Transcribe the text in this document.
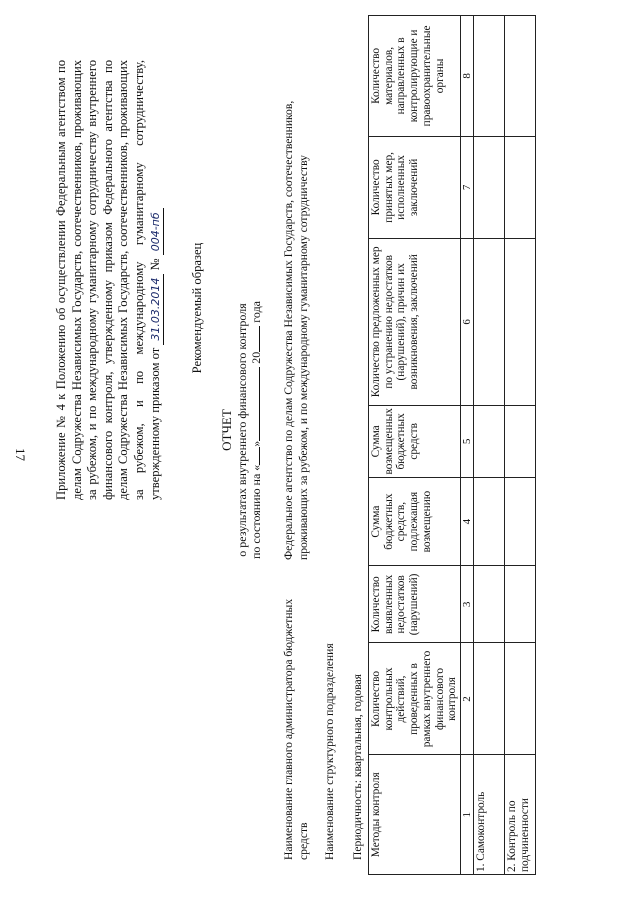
17 Приложение № 4 к Положению об осуществлении Федеральным агентством по делам Содружества Независимых Государств, соотечественников, проживающих за рубежом, и по международному гуманитарному сотрудничеству внутреннего финансового контроля, утвержденному приказом Федерального агентства по делам Содружества Независимых Государств, соотечественников, проживающих за рубежом, и по международному гуманитарному сотрудничеству, утвержденному приказом от 31.03.2014 № 004-пб
Рекомендуемый образец
ОТЧЕТ о результатах внутреннего финансового контроля по состоянию на «» 20 года
Наименование главного администратора бюджетных средств
Федеральное агентство по делам Содружества Независимых Государств, соотечественников, проживающих за рубежом, и по международному гуманитарному сотрудничеству
Наименование структурного подразделения Периодичность: квартальная, годовая Методы контроля	Количество контрольных действий, проведенных в рамках внутреннего финансового контроля	Количество выявленных недостатков (нарушений)	Сумма бюджетных средств, подлежащая возмещению	Сумма возмещенных бюджетных средств	Количество предложенных мер по устранению недостатков (нарушений), причин их возникновения, заключений	Количество принятых мер, исполненных заключений	Количество материалов, направленных в контролирующие и правоохранительные органы
1	2	3	4	5	6	7	8
1. Самоконтроль							
2. Контроль по подчиненности							
